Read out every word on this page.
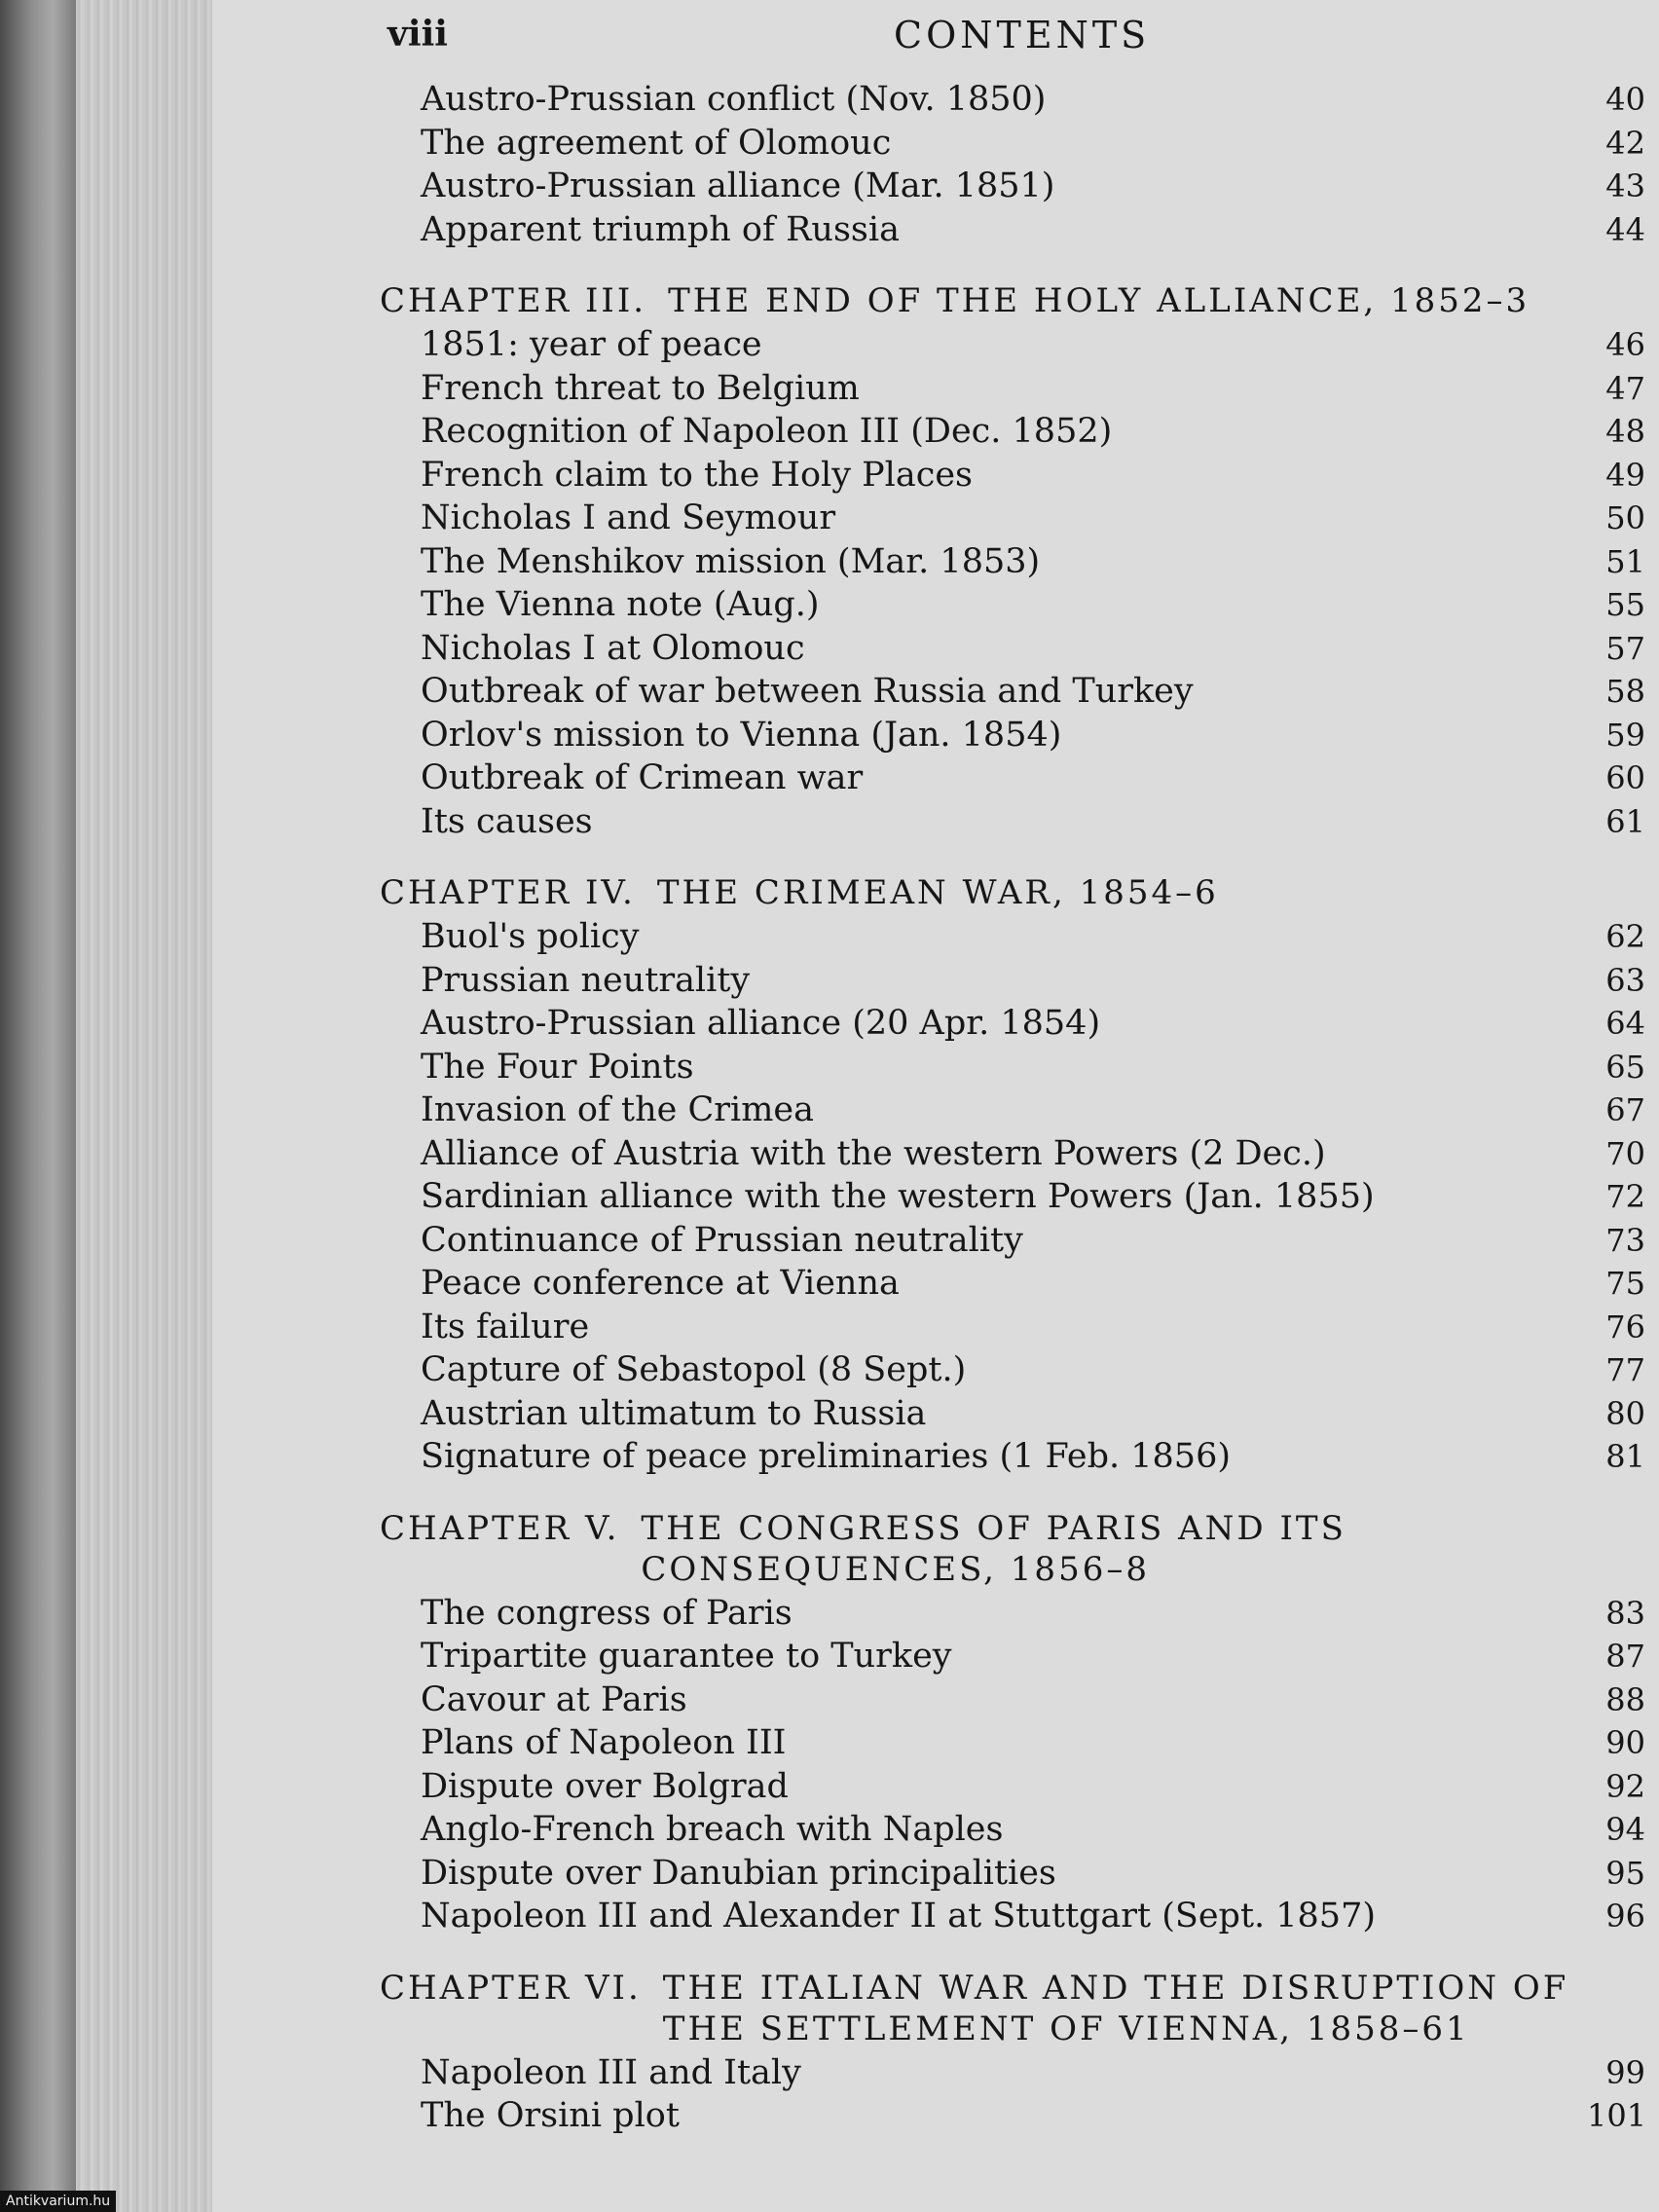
viii	CONTENTS
Austro-Prussian conflict (Nov. 1850)	40
The agreement of Olomouc	42
Austro-Prussian alliance (Mar. 1851)	43
Apparent triumph of Russia	44
CHAPTER III. THE END OF THE HOLY ALLIANCE, 1852–3
1851: year of peace	46
French threat to Belgium	47
Recognition of Napoleon III (Dec. 1852)	48
French claim to the Holy Places	49
Nicholas I and Seymour	50
The Menshikov mission (Mar. 1853)	51
The Vienna note (Aug.)	55
Nicholas I at Olomouc	57
Outbreak of war between Russia and Turkey	58
Orlov's mission to Vienna (Jan. 1854)	59
Outbreak of Crimean war	60
Its causes	61
CHAPTER IV. THE CRIMEAN WAR, 1854–6
Buol's policy	62
Prussian neutrality	63
Austro-Prussian alliance (20 Apr. 1854)	64
The Four Points	65
Invasion of the Crimea	67
Alliance of Austria with the western Powers (2 Dec.)	70
Sardinian alliance with the western Powers (Jan. 1855)	72
Continuance of Prussian neutrality	73
Peace conference at Vienna	75
Its failure	76
Capture of Sebastopol (8 Sept.)	77
Austrian ultimatum to Russia	80
Signature of peace preliminaries (1 Feb. 1856)	81
CHAPTER V. THE CONGRESS OF PARIS AND ITS CONSEQUENCES, 1856–8
The congress of Paris	83
Tripartite guarantee to Turkey	87
Cavour at Paris	88
Plans of Napoleon III	90
Dispute over Bolgrad	92
Anglo-French breach with Naples	94
Dispute over Danubian principalities	95
Napoleon III and Alexander II at Stuttgart (Sept. 1857)	96
CHAPTER VI. THE ITALIAN WAR AND THE DISRUPTION OF THE SETTLEMENT OF VIENNA, 1858–61
Napoleon III and Italy	99
The Orsini plot	101
Antikvarium.hu
